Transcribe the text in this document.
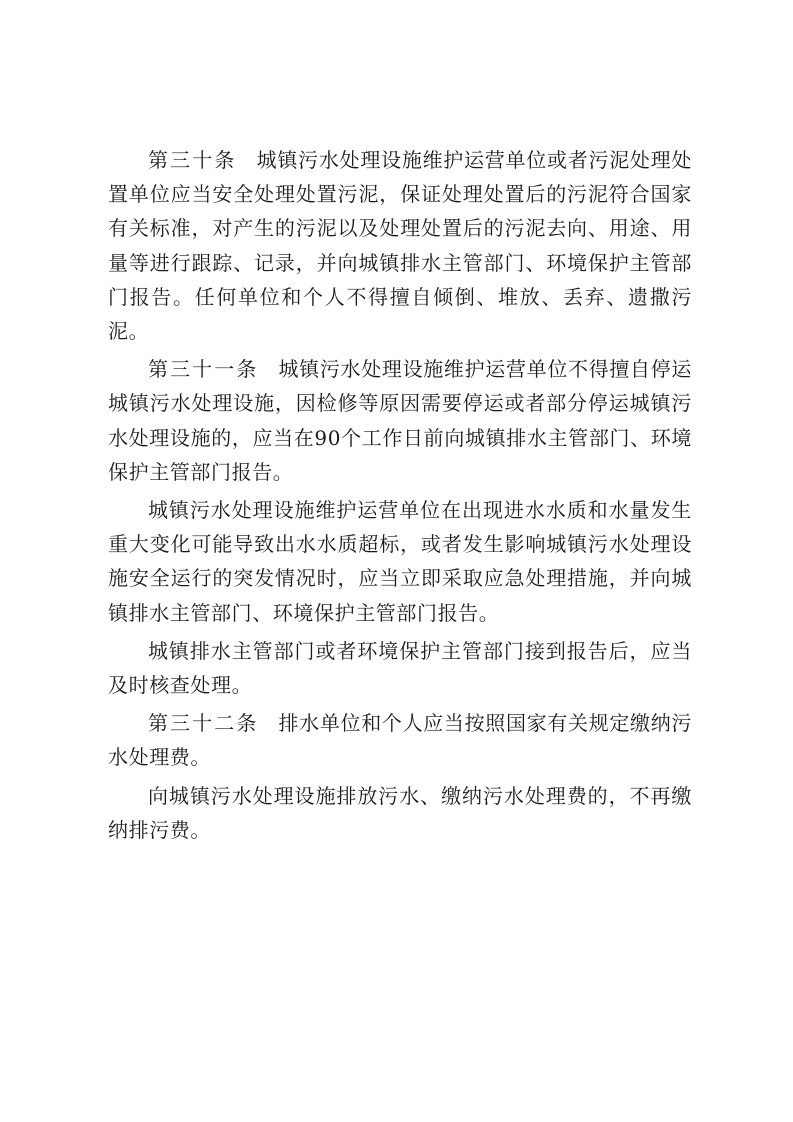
第三十条 城镇污水处理设施维护运营单位或者污泥处理处置单位应当安全处理处置污泥，保证处理处置后的污泥符合国家有关标准，对产生的污泥以及处理处置后的污泥去向、用途、用量等进行跟踪、记录，并向城镇排水主管部门、环境保护主管部门报告。任何单位和个人不得擅自倾倒、堆放、丢弃、遗撒污泥。

第三十一条 城镇污水处理设施维护运营单位不得擅自停运城镇污水处理设施，因检修等原因需要停运或者部分停运城镇污水处理设施的，应当在90个工作日前向城镇排水主管部门、环境保护主管部门报告。

城镇污水处理设施维护运营单位在出现进水水质和水量发生重大变化可能导致出水水质超标，或者发生影响城镇污水处理设施安全运行的突发情况时，应当立即采取应急处理措施，并向城镇排水主管部门、环境保护主管部门报告。

城镇排水主管部门或者环境保护主管部门接到报告后，应当及时核查处理。

第三十二条 排水单位和个人应当按照国家有关规定缴纳污水处理费。

向城镇污水处理设施排放污水、缴纳污水处理费的，不再缴纳排污费。
